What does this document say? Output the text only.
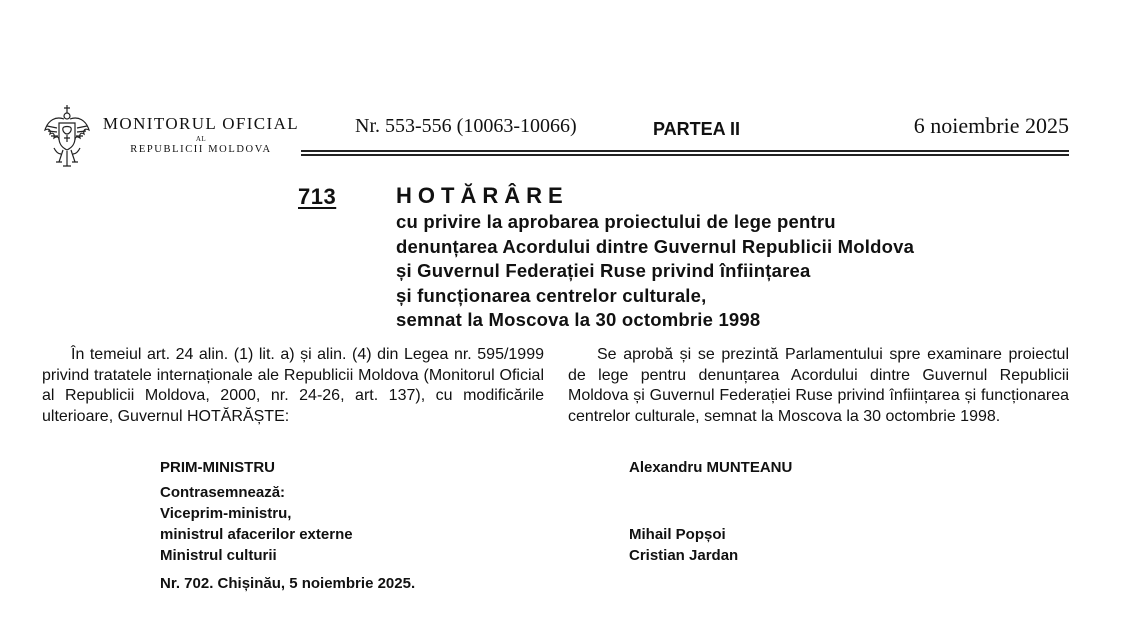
MONITORUL OFICIAL
AL
REPUBLICII MOLDOVA
Nr. 553-556 (10063-10066)	PARTEA II	6 noiembrie 2025
713	HOTĂRÂRE
cu privire la aprobarea proiectului de lege pentru
denunțarea Acordului dintre Guvernul Republicii Moldova
și Guvernul Federației Ruse privind înființarea
și funcționarea centrelor culturale,
semnat la Moscova la 30 octombrie 1998

În temeiul art. 24 alin. (1) lit. a) și alin. (4) din Legea nr. 595/1999 privind tratatele internaționale ale Republicii Moldova (Monitorul Oficial al Republicii Moldova, 2000, nr. 24-26, art. 137), cu modificările ulterioare, Guvernul HOTĂRĂȘTE:

Se aprobă și se prezintă Parlamentului spre examinare proiectul de lege pentru denunțarea Acordului dintre Guvernul Republicii Moldova și Guvernul Federației Ruse privind înființarea și funcționarea centrelor culturale, semnat la Moscova la 30 octombrie 1998.

PRIM-MINISTRU	Alexandru MUNTEANU
Contrasemnează:
Viceprim-ministru,
ministrul afacerilor externe	Mihail Popșoi
Ministrul culturii	Cristian Jardan
Nr. 702. Chișinău, 5 noiembrie 2025.
